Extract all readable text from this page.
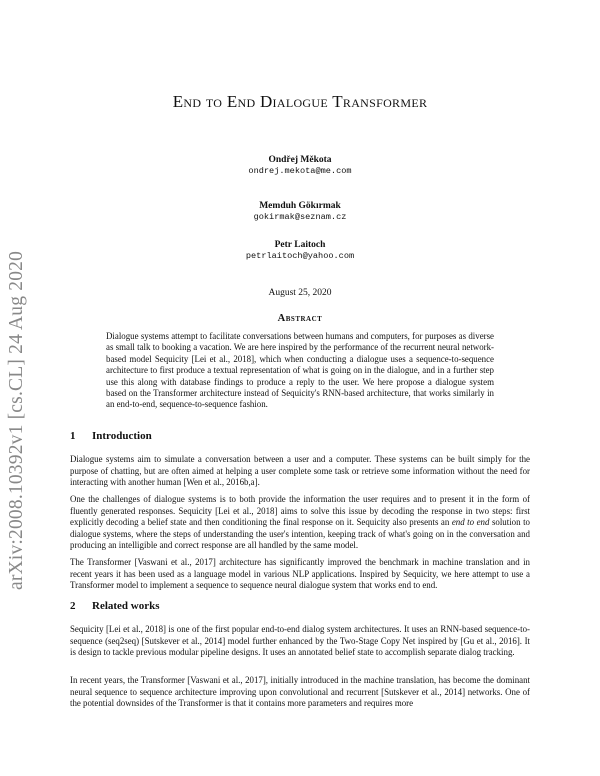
arXiv:2008.10392v1 [cs.CL] 24 Aug 2020
End to End Dialogue Transformer
Ondřej Měkota
ondrej.mekota@me.com
Memduh Gökırmak
gokirmak@seznam.cz
Petr Laitoch
petrlaitoch@yahoo.com
August 25, 2020
Abstract
Dialogue systems attempt to facilitate conversations between humans and computers, for purposes as diverse as small talk to booking a vacation. We are here inspired by the performance of the recurrent neural network-based model Sequicity [Lei et al., 2018], which when conducting a dialogue uses a sequence-to-sequence architecture to first produce a textual representation of what is going on in the dialogue, and in a further step use this along with database findings to produce a reply to the user. We here propose a dialogue system based on the Transformer architecture instead of Sequicity's RNN-based architecture, that works similarly in an end-to-end, sequence-to-sequence fashion.
1 Introduction
Dialogue systems aim to simulate a conversation between a user and a computer. These systems can be built simply for the purpose of chatting, but are often aimed at helping a user complete some task or retrieve some information without the need for interacting with another human [Wen et al., 2016b,a].
One the challenges of dialogue systems is to both provide the information the user requires and to present it in the form of fluently generated responses. Sequicity [Lei et al., 2018] aims to solve this issue by decoding the response in two steps: first explicitly decoding a belief state and then conditioning the final response on it. Sequicity also presents an end to end solution to dialogue systems, where the steps of understanding the user's intention, keeping track of what's going on in the conversation and producing an intelligible and correct response are all handled by the same model.
The Transformer [Vaswani et al., 2017] architecture has significantly improved the benchmark in machine translation and in recent years it has been used as a language model in various NLP applications. Inspired by Sequicity, we here attempt to use a Transformer model to implement a sequence to sequence neural dialogue system that works end to end.
2 Related works
Sequicity [Lei et al., 2018] is one of the first popular end-to-end dialog system architectures. It uses an RNN-based sequence-to-sequence (seq2seq) [Sutskever et al., 2014] model further enhanced by the Two-Stage Copy Net inspired by [Gu et al., 2016]. It is design to tackle previous modular pipeline designs. It uses an annotated belief state to accomplish separate dialog tracking.
In recent years, the Transformer [Vaswani et al., 2017], initially introduced in the machine translation, has become the dominant neural sequence to sequence architecture improving upon convolutional and recurrent [Sutskever et al., 2014] networks. One of the potential downsides of the Transformer is that it contains more parameters and requires more
